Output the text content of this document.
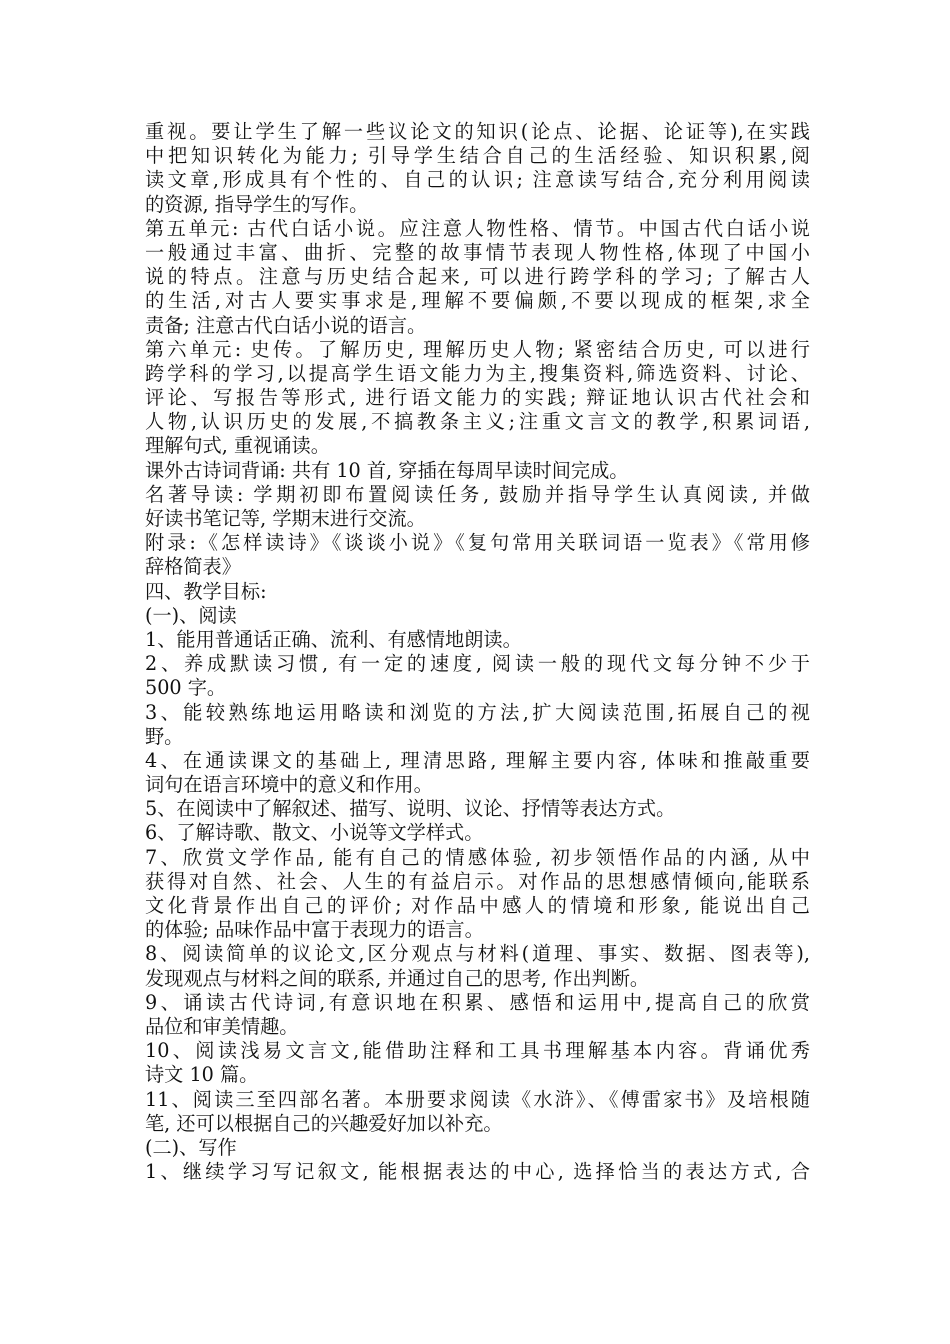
重视。要让学生了解一些议论文的知识(论点、论据、论证等),在实践
中把知识转化为能力; 引导学生结合自己的生活经验、知识积累,阅
读文章,形成具有个性的、自己的认识; 注意读写结合,充分利用阅读
的资源, 指导学生的写作。
第五单元: 古代白话小说。应注意人物性格、情节。中国古代白话小说
一般通过丰富、曲折、完整的故事情节表现人物性格,体现了中国小
说的特点。注意与历史结合起来, 可以进行跨学科的学习; 了解古人
的生活,对古人要实事求是,理解不要偏颇,不要以现成的框架,求全
责备; 注意古代白话小说的语言。
第六单元: 史传。了解历史, 理解历史人物; 紧密结合历史, 可以进行
跨学科的学习,以提高学生语文能力为主,搜集资料,筛选资料、讨论、
评论、写报告等形式, 进行语文能力的实践; 辩证地认识古代社会和
人物,认识历史的发展,不搞教条主义;注重文言文的教学,积累词语,
理解句式, 重视诵读。
课外古诗词背诵: 共有 10 首, 穿插在每周早读时间完成。
名著导读: 学期初即布置阅读任务, 鼓励并指导学生认真阅读, 并做
好读书笔记等, 学期末进行交流。
附录:《怎样读诗》《谈谈小说》《复句常用关联词语一览表》《常用修
辞格简表》
四、教学目标:
(一)、阅读
1、能用普通话正确、流利、有感情地朗读。
2、养成默读习惯, 有一定的速度, 阅读一般的现代文每分钟不少于
500 字。
3、能较熟练地运用略读和浏览的方法,扩大阅读范围,拓展自己的视
野。
4、在通读课文的基础上, 理清思路, 理解主要内容, 体味和推敲重要
词句在语言环境中的意义和作用。
5、在阅读中了解叙述、描写、说明、议论、抒情等表达方式。
6、了解诗歌、散文、小说等文学样式。
7、欣赏文学作品, 能有自己的情感体验, 初步领悟作品的内涵, 从中
获得对自然、社会、人生的有益启示。对作品的思想感情倾向,能联系
文化背景作出自己的评价; 对作品中感人的情境和形象, 能说出自己
的体验; 品味作品中富于表现力的语言。
8、阅读简单的议论文,区分观点与材料(道理、事实、数据、图表等),
发现观点与材料之间的联系, 并通过自己的思考, 作出判断。
9、诵读古代诗词,有意识地在积累、感悟和运用中,提高自己的欣赏
品位和审美情趣。
10、阅读浅易文言文,能借助注释和工具书理解基本内容。背诵优秀
诗文 10 篇。
11、阅读三至四部名著。本册要求阅读《水浒》、《傅雷家书》及培根随
笔, 还可以根据自己的兴趣爱好加以补充。
(二)、写作
1、继续学习写记叙文, 能根据表达的中心, 选择恰当的表达方式, 合
